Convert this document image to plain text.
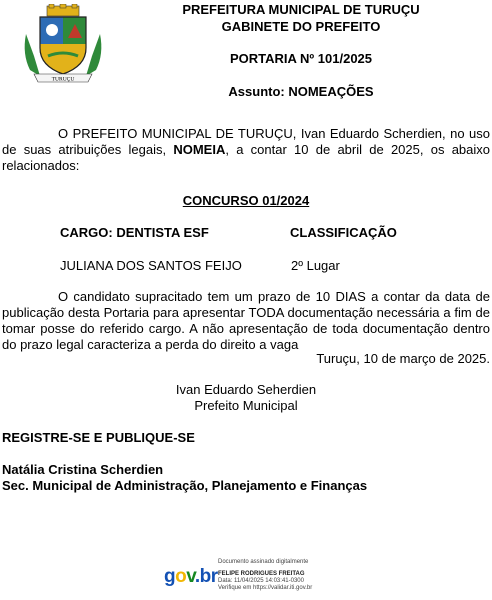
TURUÇU
PREFEITURA MUNICIPAL DE TURUÇU
GABINETE DO PREFEITO
PORTARIA Nº 101/2025
Assunto: NOMEAÇÕES
O PREFEITO MUNICIPAL DE TURUÇU, Ivan Eduardo Scherdien, no uso de suas atribuições legais, NOMEIA, a contar 10 de abril de 2025, os abaixo relacionados:
CONCURSO 01/2024
CARGO: DENTISTA ESF	CLASSIFICAÇÃO
JULIANA DOS SANTOS FEIJO	2º Lugar
O candidato supracitado tem um prazo de 10 DIAS a contar da data de publicação desta Portaria para apresentar TODA documentação necessária a fim de tomar posse do referido cargo. A não apresentação de toda documentação dentro do prazo legal caracteriza a perda do direito a vaga
Turuçu, 10 de março de 2025.
Ivan Eduardo Seherdien
Prefeito Municipal
REGISTRE-SE E PUBLIQUE-SE
Natália Cristina Scherdien
Sec. Municipal de Administração, Planejamento e Finanças
gov.br
Documento assinado digitalmente
FELIPE RODRIGUES FREITAG
Data: 11/04/2025 14:03:41-0300
Verifique em https://validar.iti.gov.br
